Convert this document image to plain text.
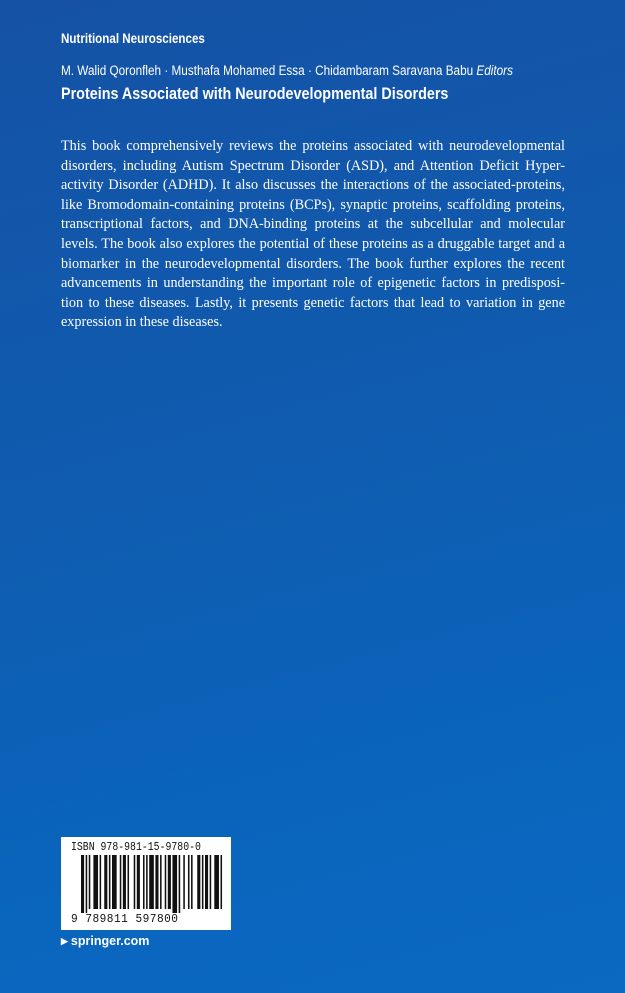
Nutritional Neurosciences
M. Walid Qoronfleh · Musthafa Mohamed Essa · Chidambaram Saravana Babu Editors
Proteins Associated with Neurodevelopmental Disorders

This book comprehensively reviews the proteins associated with neurodevelopmental disorders, including Autism Spectrum Disorder (ASD), and Attention Deficit Hyper-activity Disorder (ADHD). It also discusses the interactions of the associated-proteins, like Bromodomain-containing proteins (BCPs), synaptic proteins, scaffolding proteins, transcriptional factors, and DNA-binding proteins at the subcellular and molecular levels. The book also explores the potential of these proteins as a druggable target and a biomarker in the neurodevelopmental disorders. The book further explores the recent advancements in understanding the important role of epigenetic factors in predisposi-tion to these diseases. Lastly, it presents genetic factors that lead to variation in gene expression in these diseases.

ISBN 978-981-15-9780-0
9 789811 597800
▶ springer.com
